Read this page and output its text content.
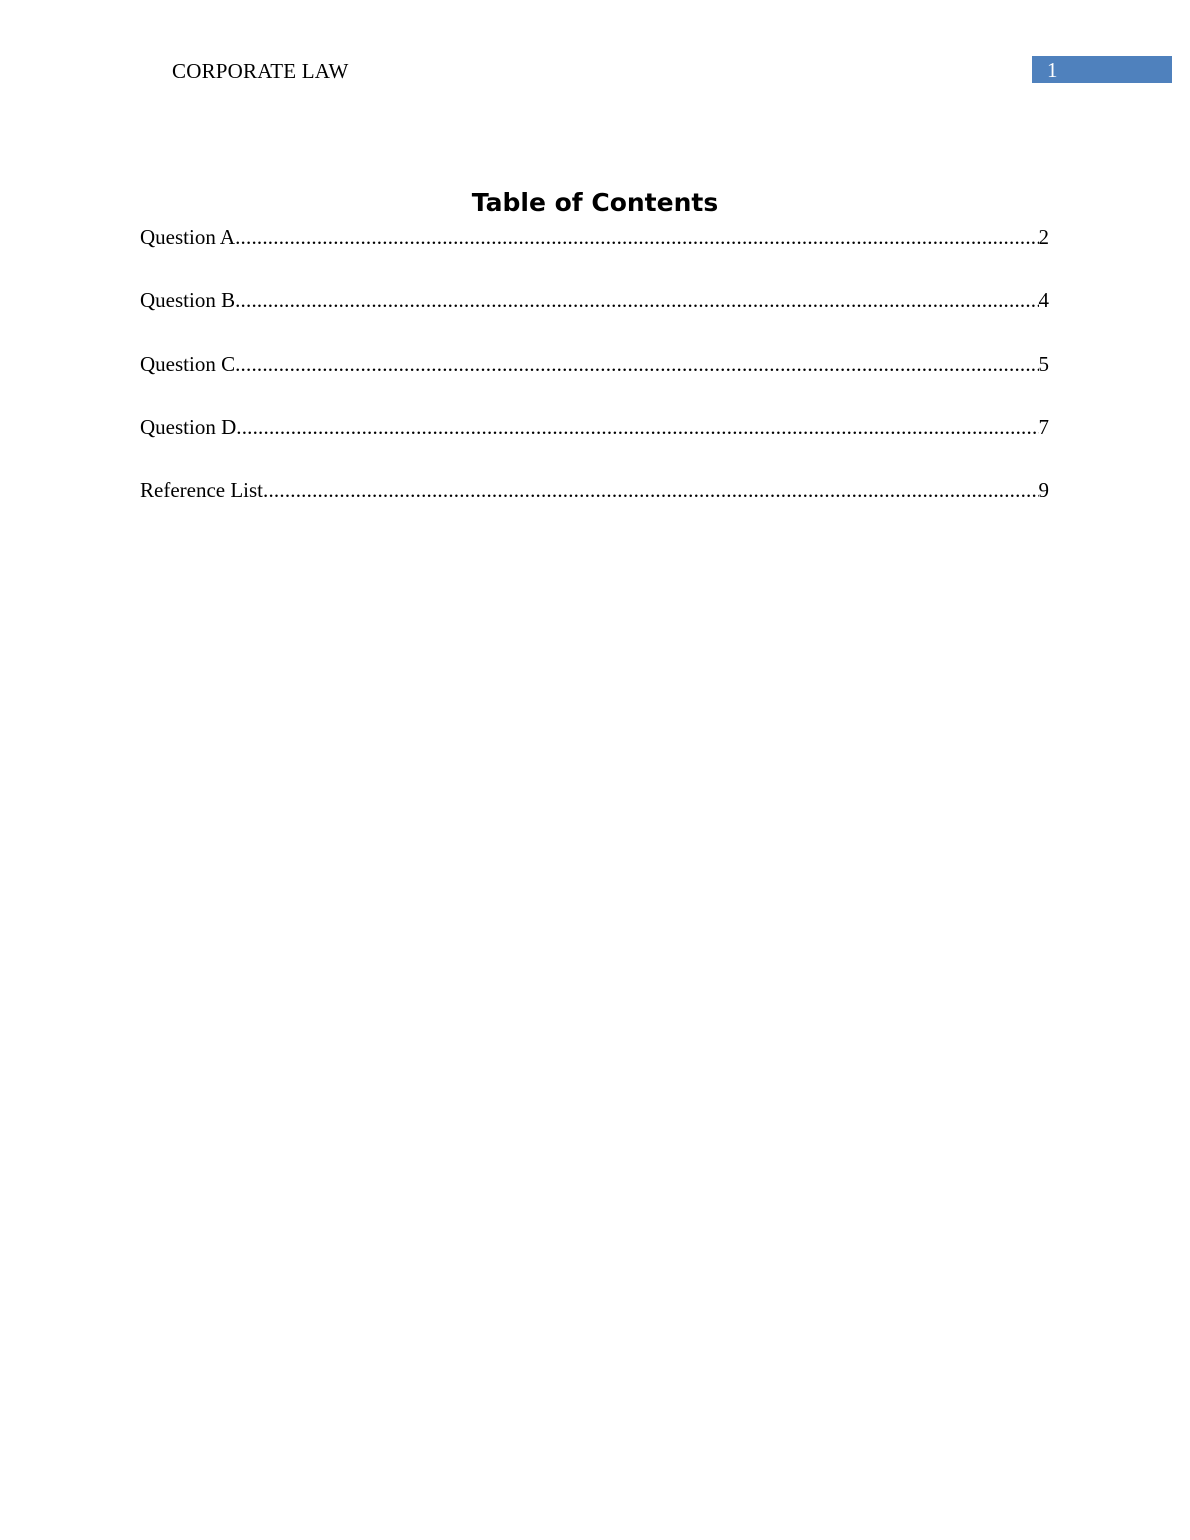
CORPORATE LAW	1
Table of Contents
Question A .....	2
Question B .....	4
Question C .....	5
Question D .....	7
Reference List .....	9
